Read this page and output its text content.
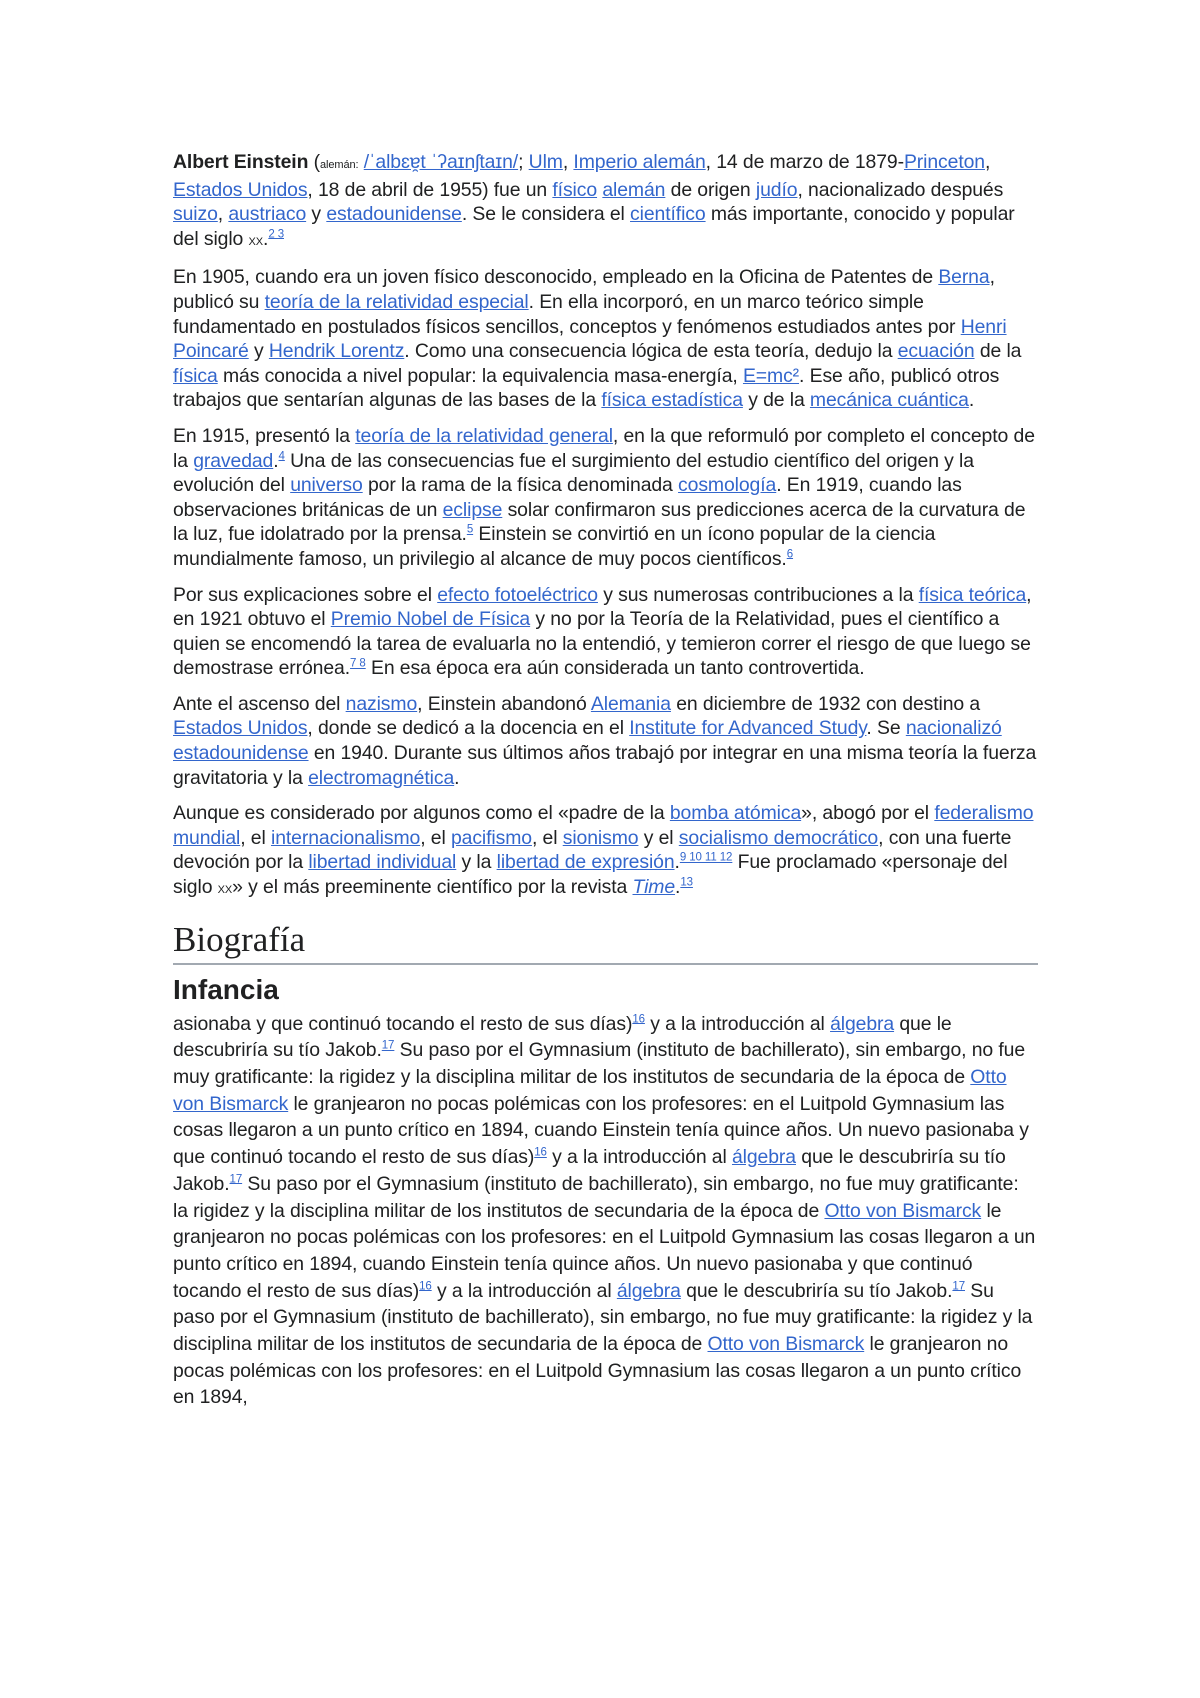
Albert Einstein (alemán: /ˈalbɛɐ̯t ˈʔaɪnʃtaɪn/; Ulm, Imperio alemán, 14 de marzo de 1879-Princeton, Estados Unidos, 18 de abril de 1955) fue un físico alemán de origen judío, nacionalizado después suizo, austriaco y estadounidense. Se le considera el científico más importante, conocido y popular del siglo XX.$^{2 3}$

En 1905, cuando era un joven físico desconocido, empleado en la Oficina de Patentes de Berna, publicó su teoría de la relatividad especial. En ella incorporó, en un marco teórico simple fundamentado en postulados físicos sencillos, conceptos y fenómenos estudiados antes por Henri Poincaré y Hendrik Lorentz. Como una consecuencia lógica de esta teoría, dedujo la ecuación de la física más conocida a nivel popular: la equivalencia masa-energía, E=mc². Ese año, publicó otros trabajos que sentarían algunas de las bases de la física estadística y de la mecánica cuántica.

En 1915, presentó la teoría de la relatividad general, en la que reformuló por completo el concepto de la gravedad.$^4$ Una de las consecuencias fue el surgimiento del estudio científico del origen y la evolución del universo por la rama de la física denominada cosmología. En 1919, cuando las observaciones británicas de un eclipse solar confirmaron sus predicciones acerca de la curvatura de la luz, fue idolatrado por la prensa.$^5$ Einstein se convirtió en un ícono popular de la ciencia mundialmente famoso, un privilegio al alcance de muy pocos científicos.$^6$

Por sus explicaciones sobre el efecto fotoeléctrico y sus numerosas contribuciones a la física teórica, en 1921 obtuvo el Premio Nobel de Física y no por la Teoría de la Relatividad, pues el científico a quien se encomendó la tarea de evaluarla no la entendió, y temieron correr el riesgo de que luego se demostrase errónea.$^{7 8}$ En esa época era aún considerada un tanto controvertida.

Ante el ascenso del nazismo, Einstein abandonó Alemania en diciembre de 1932 con destino a Estados Unidos, donde se dedicó a la docencia en el Institute for Advanced Study. Se nacionalizó estadounidense en 1940. Durante sus últimos años trabajó por integrar en una misma teoría la fuerza gravitatoria y la electromagnética.

Aunque es considerado por algunos como el «padre de la bomba atómica», abogó por el federalismo mundial, el internacionalismo, el pacifismo, el sionismo y el socialismo democrático, con una fuerte devoción por la libertad individual y la libertad de expresión.$^{9 10 11 12}$ Fue proclamado «personaje del siglo XX» y el más preeminente científico por la revista Time.$^{13}$

Biografía
Infancia

asionaba y que continuó tocando el resto de sus días)$^{16}$ y a la introducción al álgebra que le descubriría su tío Jakob.$^{17}$ Su paso por el Gymnasium (instituto de bachillerato), sin embargo, no fue muy gratificante: la rigidez y la disciplina militar de los institutos de secundaria de la época de Otto von Bismarck le granjearon no pocas polémicas con los profesores: en el Luitpold Gymnasium las cosas llegaron a un punto crítico en 1894, cuando Einstein tenía quince años. Un nuevo pasionaba y que continuó tocando el resto de sus días)$^{16}$ y a la introducción al álgebra que le descubriría su tío Jakob.$^{17}$ Su paso por el Gymnasium (instituto de bachillerato), sin embargo, no fue muy gratificante: la rigidez y la disciplina militar de los institutos de secundaria de la época de Otto von Bismarck le granjearon no pocas polémicas con los profesores: en el Luitpold Gymnasium las cosas llegaron a un punto crítico en 1894, cuando Einstein tenía quince años. Un nuevo pasionaba y que continuó tocando el resto de sus días)$^{16}$ y a la introducción al álgebra que le descubriría su tío Jakob.$^{17}$ Su paso por el Gymnasium (instituto de bachillerato), sin embargo, no fue muy gratificante: la rigidez y la disciplina militar de los institutos de secundaria de la época de Otto von Bismarck le granjearon no pocas polémicas con los profesores: en el Luitpold Gymnasium las cosas llegaron a un punto crítico en 1894,
